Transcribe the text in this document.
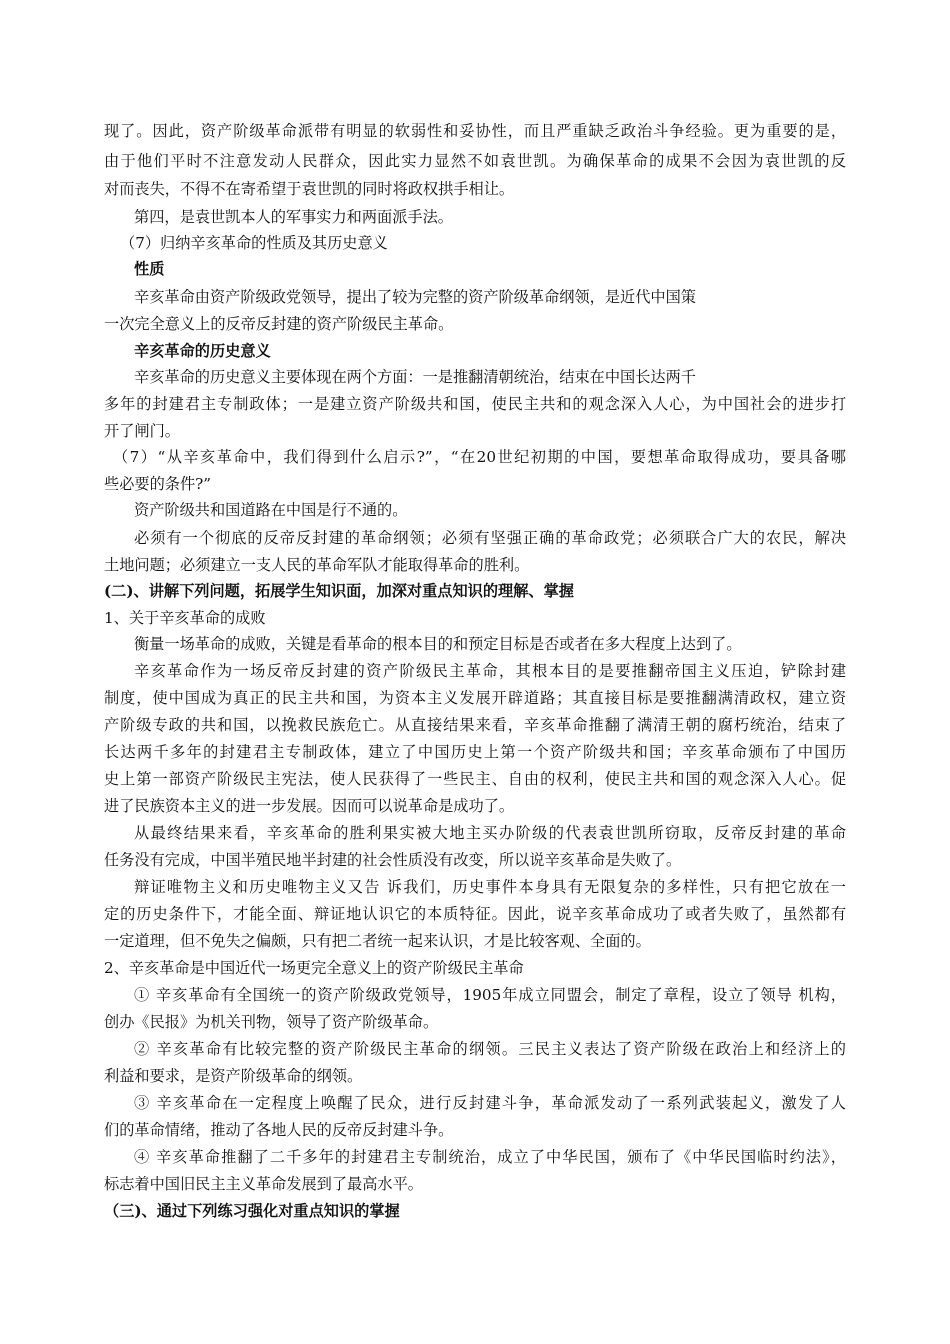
现了。因此，资产阶级革命派带有明显的软弱性和妥协性，而且严重缺乏政治斗争经验。更为重要的是，
由于他们平时不注意发动人民群众，因此实力显然不如袁世凯。为确保革命的成果不会因为袁世凯的反
对而丧失，不得不在寄希望于袁世凯的同时将政权拱手相让。
第四，是袁世凯本人的军事实力和两面派手法。
（7）归纳辛亥革命的性质及其历史意义
性质
辛亥革命由资产阶级政党领导，提出了较为完整的资产阶级革命纲领，是近代中国策
一次完全意义上的反帝反封建的资产阶级民主革命。
辛亥革命的历史意义
辛亥革命的历史意义主要体现在两个方面：一是推翻清朝统治，结束在中国长达两千
多年的封建君主专制政体；一是建立资产阶级共和国，使民主共和的观念深入人心，为中国社会的进步打
开了闸门。
（7）“从辛亥革命中，我们得到什么启示?”，“在20世纪初期的中国，要想革命取得成功，要具备哪
些必要的条件?”
资产阶级共和国道路在中国是行不通的。
必须有一个彻底的反帝反封建的革命纲领；必须有坚强正确的革命政党；必须联合广大的农民，解决
土地问题；必须建立一支人民的革命军队才能取得革命的胜利。
(二)、讲解下列问题，拓展学生知识面，加深对重点知识的理解、掌握
1、关于辛亥革命的成败
衡量一场革命的成败，关键是看革命的根本目的和预定目标是否或者在多大程度上达到了。
辛亥革命作为一场反帝反封建的资产阶级民主革命，其根本目的是要推翻帝国主义压迫，铲除封建
制度，使中国成为真正的民主共和国，为资本主义发展开辟道路；其直接目标是要推翻满清政权，建立资
产阶级专政的共和国，以挽救民族危亡。从直接结果来看，辛亥革命推翻了满清王朝的腐朽统治，结束了
长达两千多年的封建君主专制政体，建立了中国历史上第一个资产阶级共和国；辛亥革命颁布了中国历
史上第一部资产阶级民主宪法，使人民获得了一些民主、自由的权利，使民主共和国的观念深入人心。促
进了民族资本主义的进一步发展。因而可以说革命是成功了。
从最终结果来看，辛亥革命的胜利果实被大地主买办阶级的代表袁世凯所窃取，反帝反封建的革命
任务没有完成，中国半殖民地半封建的社会性质没有改变，所以说辛亥革命是失败了。
辩证唯物主义和历史唯物主义又告 诉我们，历史事件本身具有无限复杂的多样性，只有把它放在一
定的历史条件下，才能全面、辩证地认识它的本质特征。因此，说辛亥革命成功了或者失败了，虽然都有
一定道理，但不免失之偏颇，只有把二者统一起来认识，才是比较客观、全面的。
2、辛亥革命是中国近代一场更完全意义上的资产阶级民主革命
① 辛亥革命有全国统一的资产阶级政党领导，1905年成立同盟会，制定了章程，设立了领导 机构，
创办《民报》为机关刊物，领导了资产阶级革命。
② 辛亥革命有比较完整的资产阶级民主革命的纲领。三民主义表达了资产阶级在政治上和经济上的
利益和要求，是资产阶级革命的纲领。
③ 辛亥革命在一定程度上唤醒了民众，进行反封建斗争，革命派发动了一系列武装起义，激发了人
们的革命情绪，推动了各地人民的反帝反封建斗争。
④ 辛亥革命推翻了二千多年的封建君主专制统治，成立了中华民国，颁布了《中华民国临时约法》，
标志着中国旧民主主义革命发展到了最高水平。
（三)、通过下列练习强化对重点知识的掌握
